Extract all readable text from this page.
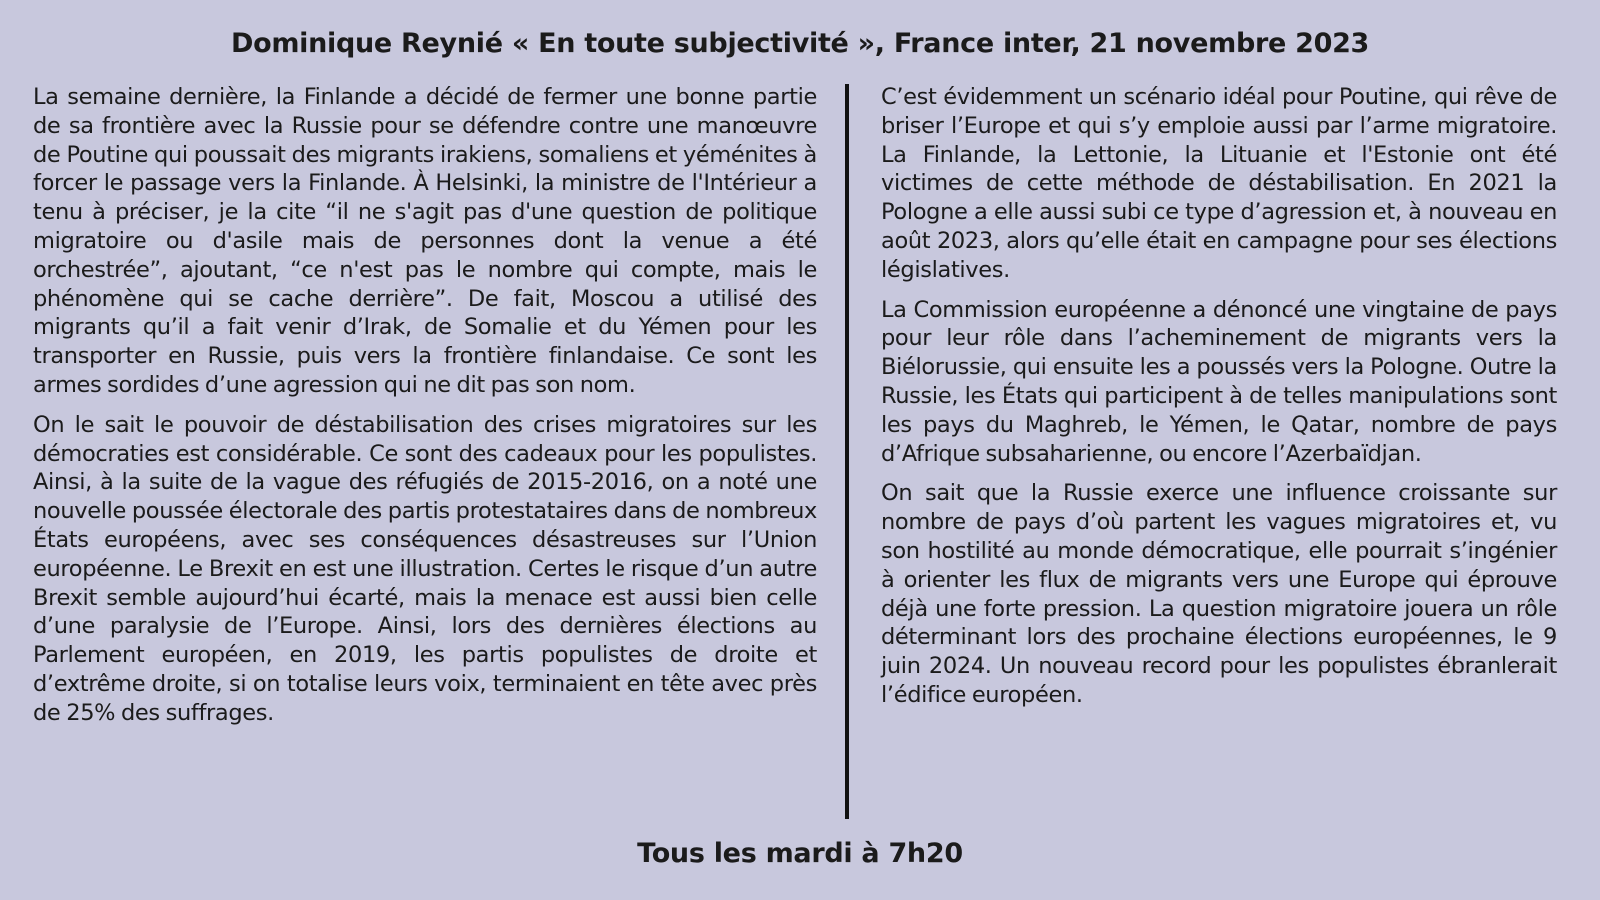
Dominique Reynié « En toute subjectivité », France inter, 21 novembre 2023

La semaine dernière, la Finlande a décidé de fermer une bonne partie de sa frontière avec la Russie pour se défendre contre une manœuvre de Poutine qui poussait des migrants irakiens, somaliens et yéménites à forcer le passage vers la Finlande. À Helsinki, la ministre de l'Intérieur a tenu à préciser, je la cite “il ne s'agit pas d'une question de politique migratoire ou d'asile mais de personnes dont la venue a été orchestrée”, ajoutant, “ce n'est pas le nombre qui compte, mais le phénomène qui se cache derrière”. De fait, Moscou a utilisé des migrants qu’il a fait venir d’Irak, de Somalie et du Yémen pour les transporter en Russie, puis vers la frontière finlandaise. Ce sont les armes sordides d’une agression qui ne dit pas son nom.

On le sait le pouvoir de déstabilisation des crises migratoires sur les démocraties est considérable. Ce sont des cadeaux pour les populistes. Ainsi, à la suite de la vague des réfugiés de 2015-2016, on a noté une nouvelle poussée électorale des partis protestataires dans de nombreux États européens, avec ses conséquences désastreuses sur l’Union européenne. Le Brexit en est une illustration. Certes le risque d’un autre Brexit semble aujourd’hui écarté, mais la menace est aussi bien celle d’une paralysie de l’Europe. Ainsi, lors des dernières élections au Parlement européen, en 2019, les partis populistes de droite et d’extrême droite, si on totalise leurs voix, terminaient en tête avec près de 25% des suffrages.

C’est évidemment un scénario idéal pour Poutine, qui rêve de briser l’Europe et qui s’y emploie aussi par l’arme migratoire. La Finlande, la Lettonie, la Lituanie et l'Estonie ont été victimes de cette méthode de déstabilisation. En 2021 la Pologne a elle aussi subi ce type d’agression et, à nouveau en août 2023, alors qu’elle était en campagne pour ses élections législatives.

La Commission européenne a dénoncé une vingtaine de pays pour leur rôle dans l’acheminement de migrants vers la Biélorussie, qui ensuite les a poussés vers la Pologne. Outre la Russie, les États qui participent à de telles manipulations sont les pays du Maghreb, le Yémen, le Qatar, nombre de pays d’Afrique subsaharienne, ou encore l’Azerbaïdjan.

On sait que la Russie exerce une influence croissante sur nombre de pays d’où partent les vagues migratoires et, vu son hostilité au monde démocratique, elle pourrait s’ingénier à orienter les flux de migrants vers une Europe qui éprouve déjà une forte pression. La question migratoire jouera un rôle déterminant lors des prochaine élections européennes, le 9 juin 2024. Un nouveau record pour les populistes ébranlerait l’édifice européen.

Tous les mardi à 7h20
